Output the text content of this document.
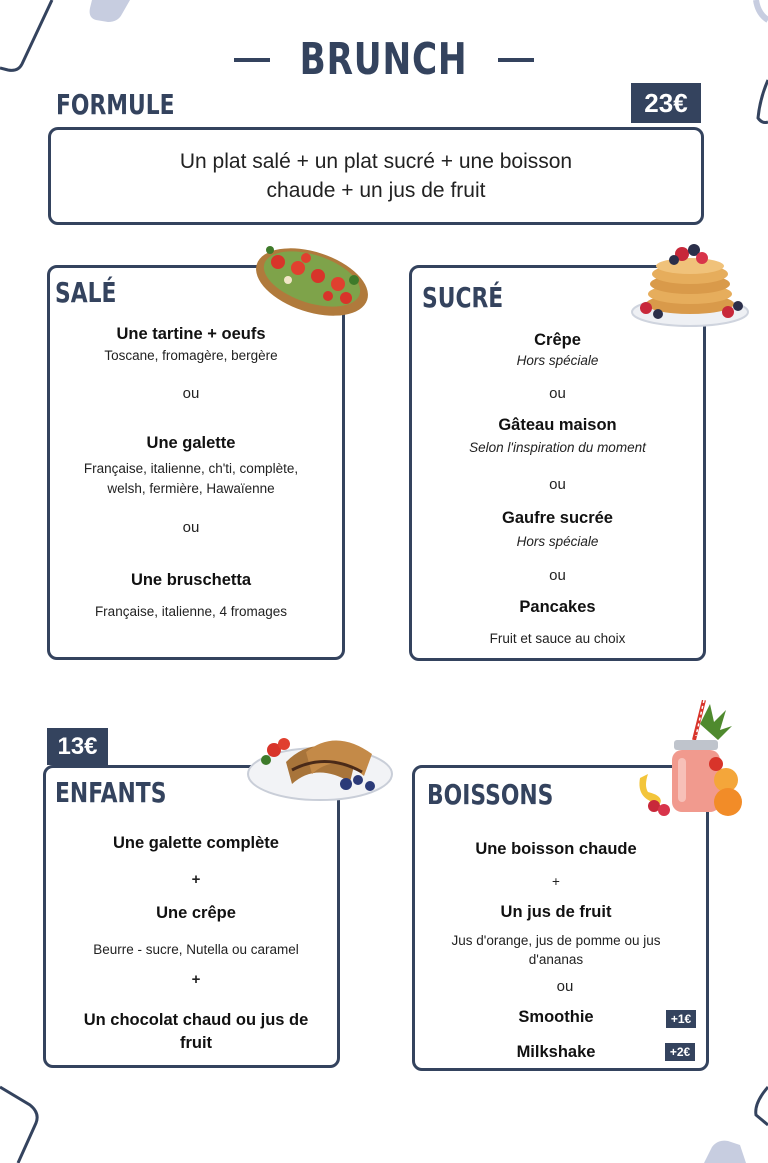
BRUNCH
FORMULE	23€
Un plat salé + un plat sucré + une boisson
chaude + un jus de fruit
SALÉ
Une tartine + oeufs
Toscane, fromagère, bergère
ou
Une galette
Française, italienne, ch'ti, complète,
welsh, fermière, Hawaïenne
ou
Une bruschetta
Française, italienne, 4 fromages
SUCRÉ
Crêpe
Hors spéciale
ou
Gâteau maison
Selon l'inspiration du moment
ou
Gaufre sucrée
Hors spéciale
ou
Pancakes
Fruit et sauce au choix
13€
ENFANTS
Une galette complète
+
Une crêpe
Beurre - sucre, Nutella ou caramel
+
Un chocolat chaud ou jus de
fruit
BOISSONS
Une boisson chaude
+
Un jus de fruit
Jus d'orange, jus de pomme ou jus
d'ananas
ou
Smoothie
Milkshake
+1€
+2€
